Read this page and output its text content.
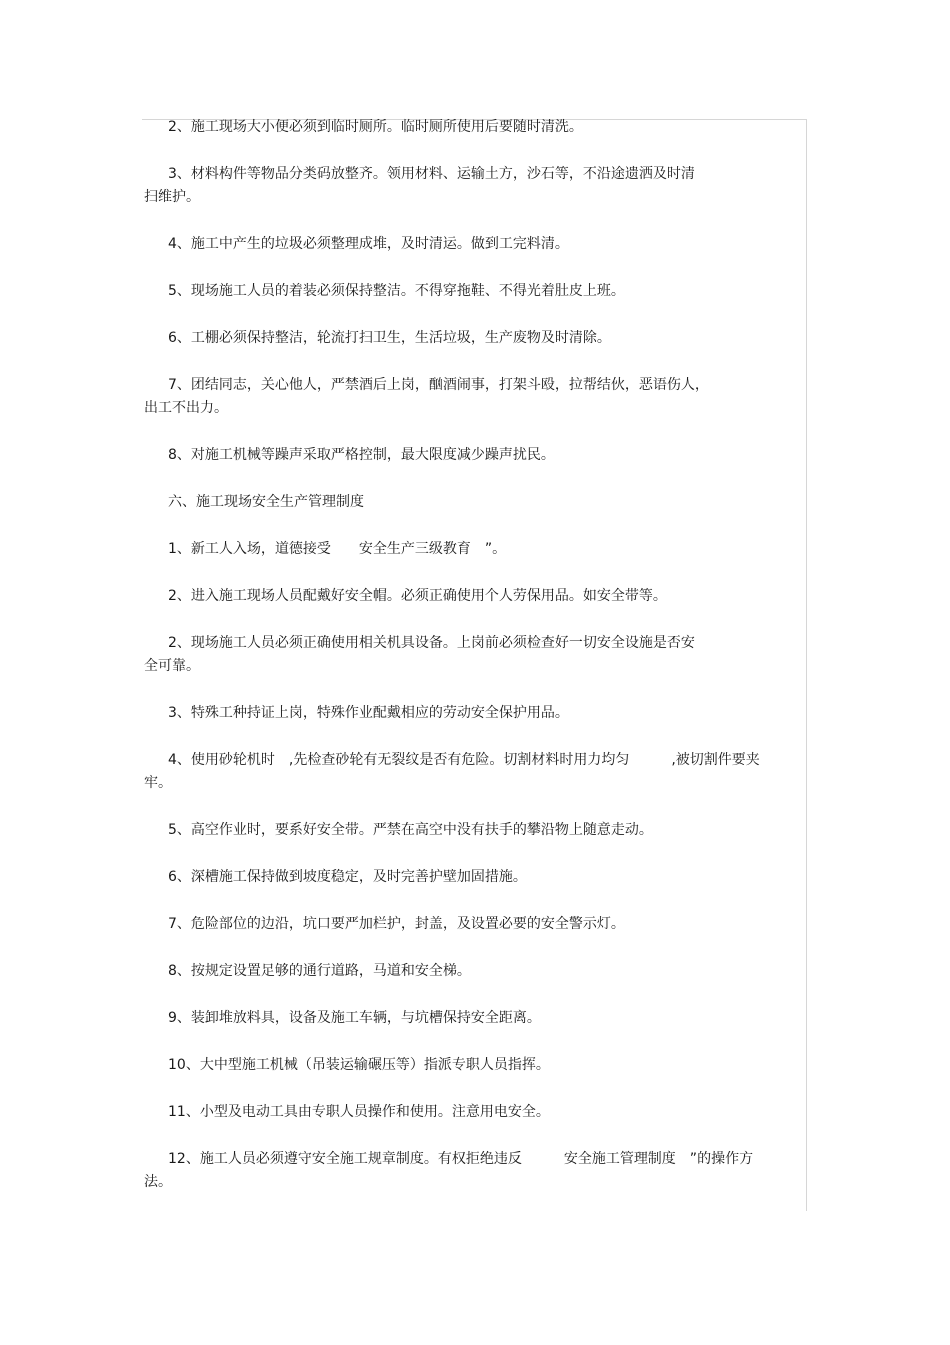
2、施工现场大小便必须到临时厕所。临时厕所使用后要随时清洗。
3、材料构件等物品分类码放整齐。领用材料、运输土方，沙石等，不沿途遗洒及时清
扫维护。
4、施工中产生的垃圾必须整理成堆，及时清运。做到工完料清。
5、现场施工人员的着装必须保持整洁。不得穿拖鞋、不得光着肚皮上班。
6、工棚必须保持整洁，轮流打扫卫生，生活垃圾，生产废物及时清除。
7、团结同志，关心他人，严禁酒后上岗，酗酒闹事，打架斗殴，拉帮结伙，恶语伤人，
出工不出力。
8、对施工机械等躁声采取严格控制，最大限度减少躁声扰民。
六、施工现场安全生产管理制度
1、新工人入场，道德接受　　安全生产三级教育　”。
2、进入施工现场人员配戴好安全帽。必须正确使用个人劳保用品。如安全带等。
2、现场施工人员必须正确使用相关机具设备。上岗前必须检查好一切安全设施是否安
全可靠。
3、特殊工种持证上岗，特殊作业配戴相应的劳动安全保护用品。
4、使用砂轮机时　,先检查砂轮有无裂纹是否有危险。切割材料时用力均匀　　　,被切割件要夹
牢。
5、高空作业时，要系好安全带。严禁在高空中没有扶手的攀沿物上随意走动。
6、深槽施工保持做到坡度稳定，及时完善护壁加固措施。
7、危险部位的边沿，坑口要严加栏护，封盖，及设置必要的安全警示灯。
8、按规定设置足够的通行道路，马道和安全梯。
9、装卸堆放料具，设备及施工车辆，与坑槽保持安全距离。
10、大中型施工机械（吊装运输碾压等）指派专职人员指挥。
11、小型及电动工具由专职人员操作和使用。注意用电安全。
12、施工人员必须遵守安全施工规章制度。有权拒绝违反　　　安全施工管理制度　”的操作方
法。
